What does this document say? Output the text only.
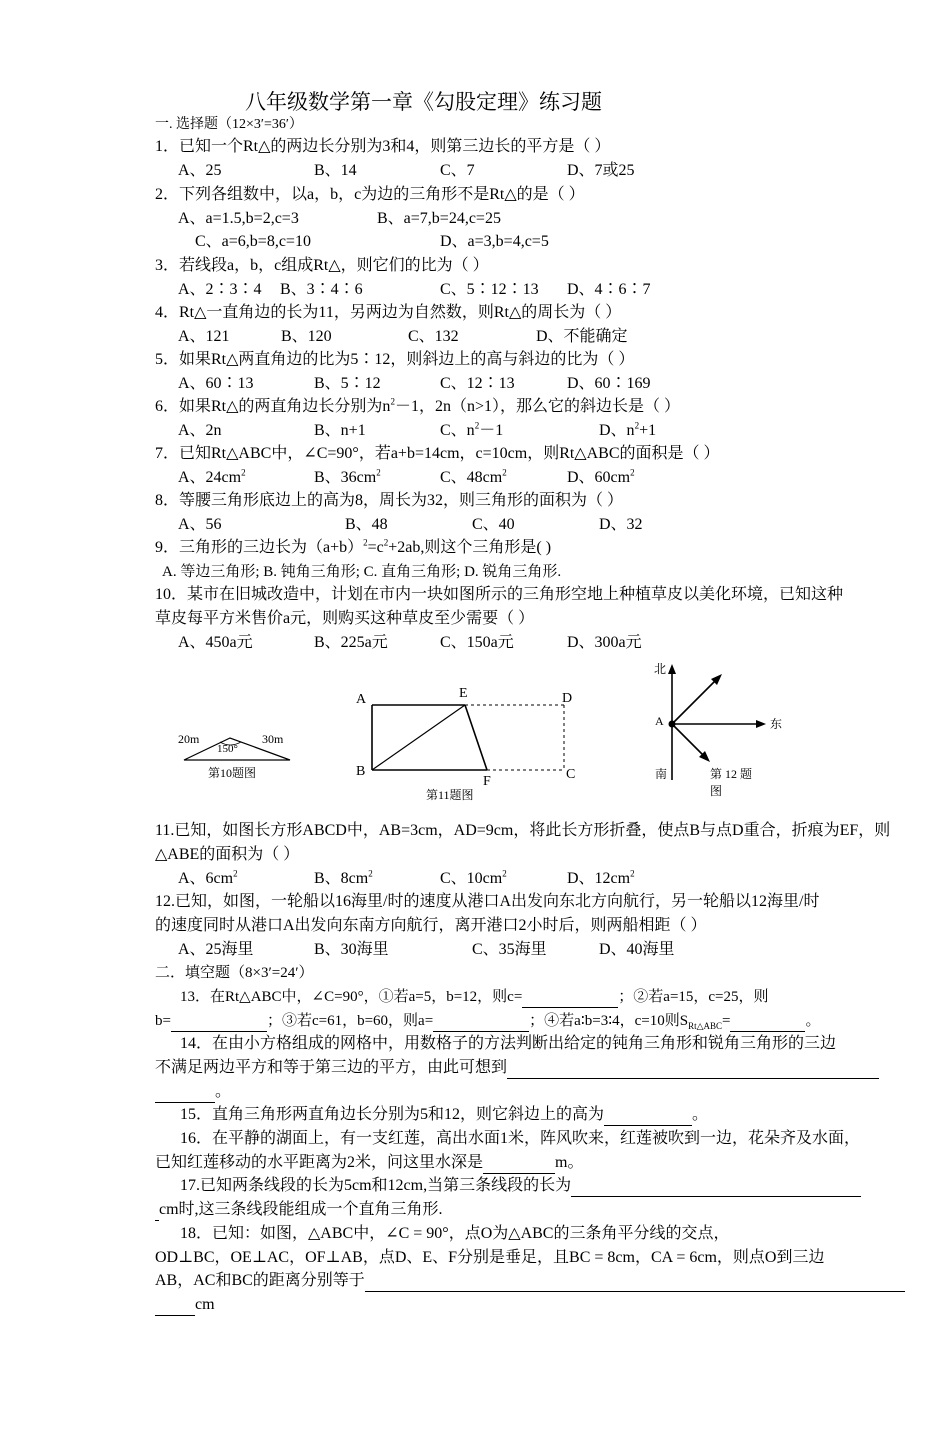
八年级数学第一章《勾股定理》练习题
一. 选择题（12×3′=36′）
1．已知一个Rt△的两边长分别为3和4，则第三边长的平方是（ ）
A、25	B、14	C、7	D、7或25
2．下列各组数中，以a，b，c为边的三角形不是Rt△的是（ ）
A、a=1.5,b=2,c=3	B、a=7,b=24,c=25
C、a=6,b=8,c=10	D、a=3,b=4,c=5
3．若线段a，b，c组成Rt△，则它们的比为（ ）
A、2∶3∶4 B、3∶4∶6	C、5∶12∶13 D、4∶6∶7
4．Rt△一直角边的长为11，另两边为自然数，则Rt△的周长为（ ）
A、121	B、120	C、132	D、不能确定
5．如果Rt△两直角边的比为5∶12，则斜边上的高与斜边的比为（ ）
A、60∶13	B、5∶12	C、12∶13	D、60∶169
6．如果Rt△的两直角边长分别为$n^2-1$，2n（n>1），那么它的斜边长是（ ）
A、2n	B、n+1	C、$n^2-1$	D、$n^2+1$
7．已知Rt△ABC中，∠C=90°，若a+b=14cm，c=10cm，则Rt△ABC的面积是（ ）
A、$24cm^2$	B、$36cm^2$	C、$48cm^2$	D、$60cm^2$
8．等腰三角形底边上的高为8，周长为32，则三角形的面积为（ ）
A、56	B、48	C、40	D、32
9．三角形的三边长为$(a+b)^2=c^2+2ab$,则这个三角形是( )
A. 等边三角形; B. 钝角三角形; C. 直角三角形; D. 锐角三角形.
10．某市在旧城改造中，计划在市内一块如图所示的三角形空地上种植草皮以美化环境，已知这种
草皮每平方米售价a元，则购买这种草皮至少需要（ ）
A、450a元	B、225a元	C、150a元	D、300a元
20m	30m
150°
第10题图
A	E	D
B
F	C
第11题图
北
南
东
A
第 12 题
图
11.已知，如图长方形ABCD中，AB=3cm，AD=9cm，将此长方形折叠，使点B与点D重合，折痕为EF，则
△ABE的面积为（ ）
A、$6cm^2$	B、$8cm^2$	C、$10cm^2$	D、$12cm^2$
12.已知，如图，一轮船以16海里/时的速度从港口A出发向东北方向航行，另一轮船以12海里/时
的速度同时从港口A出发向东南方向航行，离开港口2小时后，则两船相距（ ）
A、25海里	B、30海里	C、35海里	D、40海里
二．填空题（8×3′=24′）
13．在Rt△ABC中，∠C=90°，①若a=5，b=12，则c=	；②若a=15，c=25，则
b=	；③若c=61，b=60，则a=	；④若a∶b=3∶4，c=10则$S_{Rt\triangle ABC}=$	。
14．在由小方格组成的网格中，用数格子的方法判断出给定的钝角三角形和锐角三角形的三边
不满足两边平方和等于第三边的平方，由此可想到
。
15．直角三角形两直角边长分别为5和12，则它斜边上的高为	。
16．在平静的湖面上，有一支红莲，高出水面1米，阵风吹来，红莲被吹到一边，花朵齐及水面，
已知红莲移动的水平距离为2米，问这里水深是	m。
17.已知两条线段的长为5cm和12cm,当第三条线段的长为
cm时,这三条线段能组成一个直角三角形.
18．已知：如图，△ABC中，∠C = 90°，点O为△ABC的三条角平分线的交点，
OD⊥BC，OE⊥AC，OF⊥AB，点D、E、F分别是垂足，且BC = 8cm，CA = 6cm，则点O到三边
AB，AC和BC的距离分别等于
cm
